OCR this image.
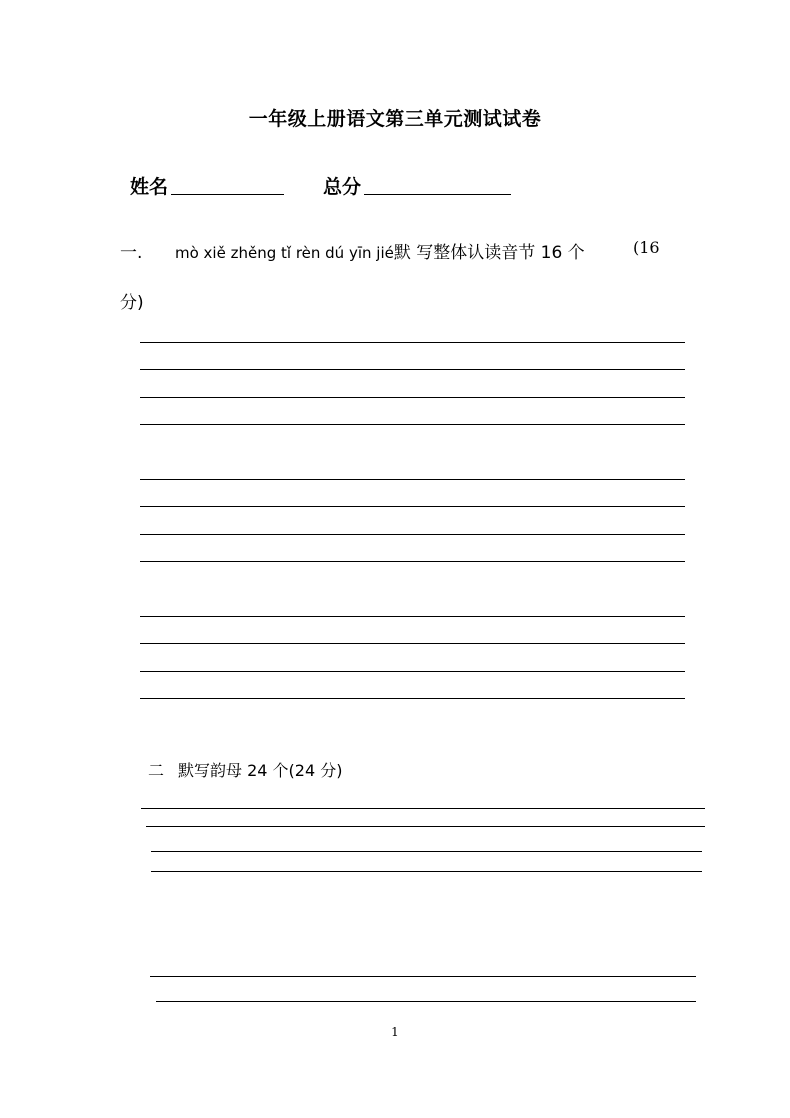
一年级上册语文第三单元测试试卷
姓名	总分
一. mò xiě zhěng tǐ rèn dú yīn jié默 写整体认读音节 16 个	(16
分)
二 默写韵母 24 个(24 分)
1
